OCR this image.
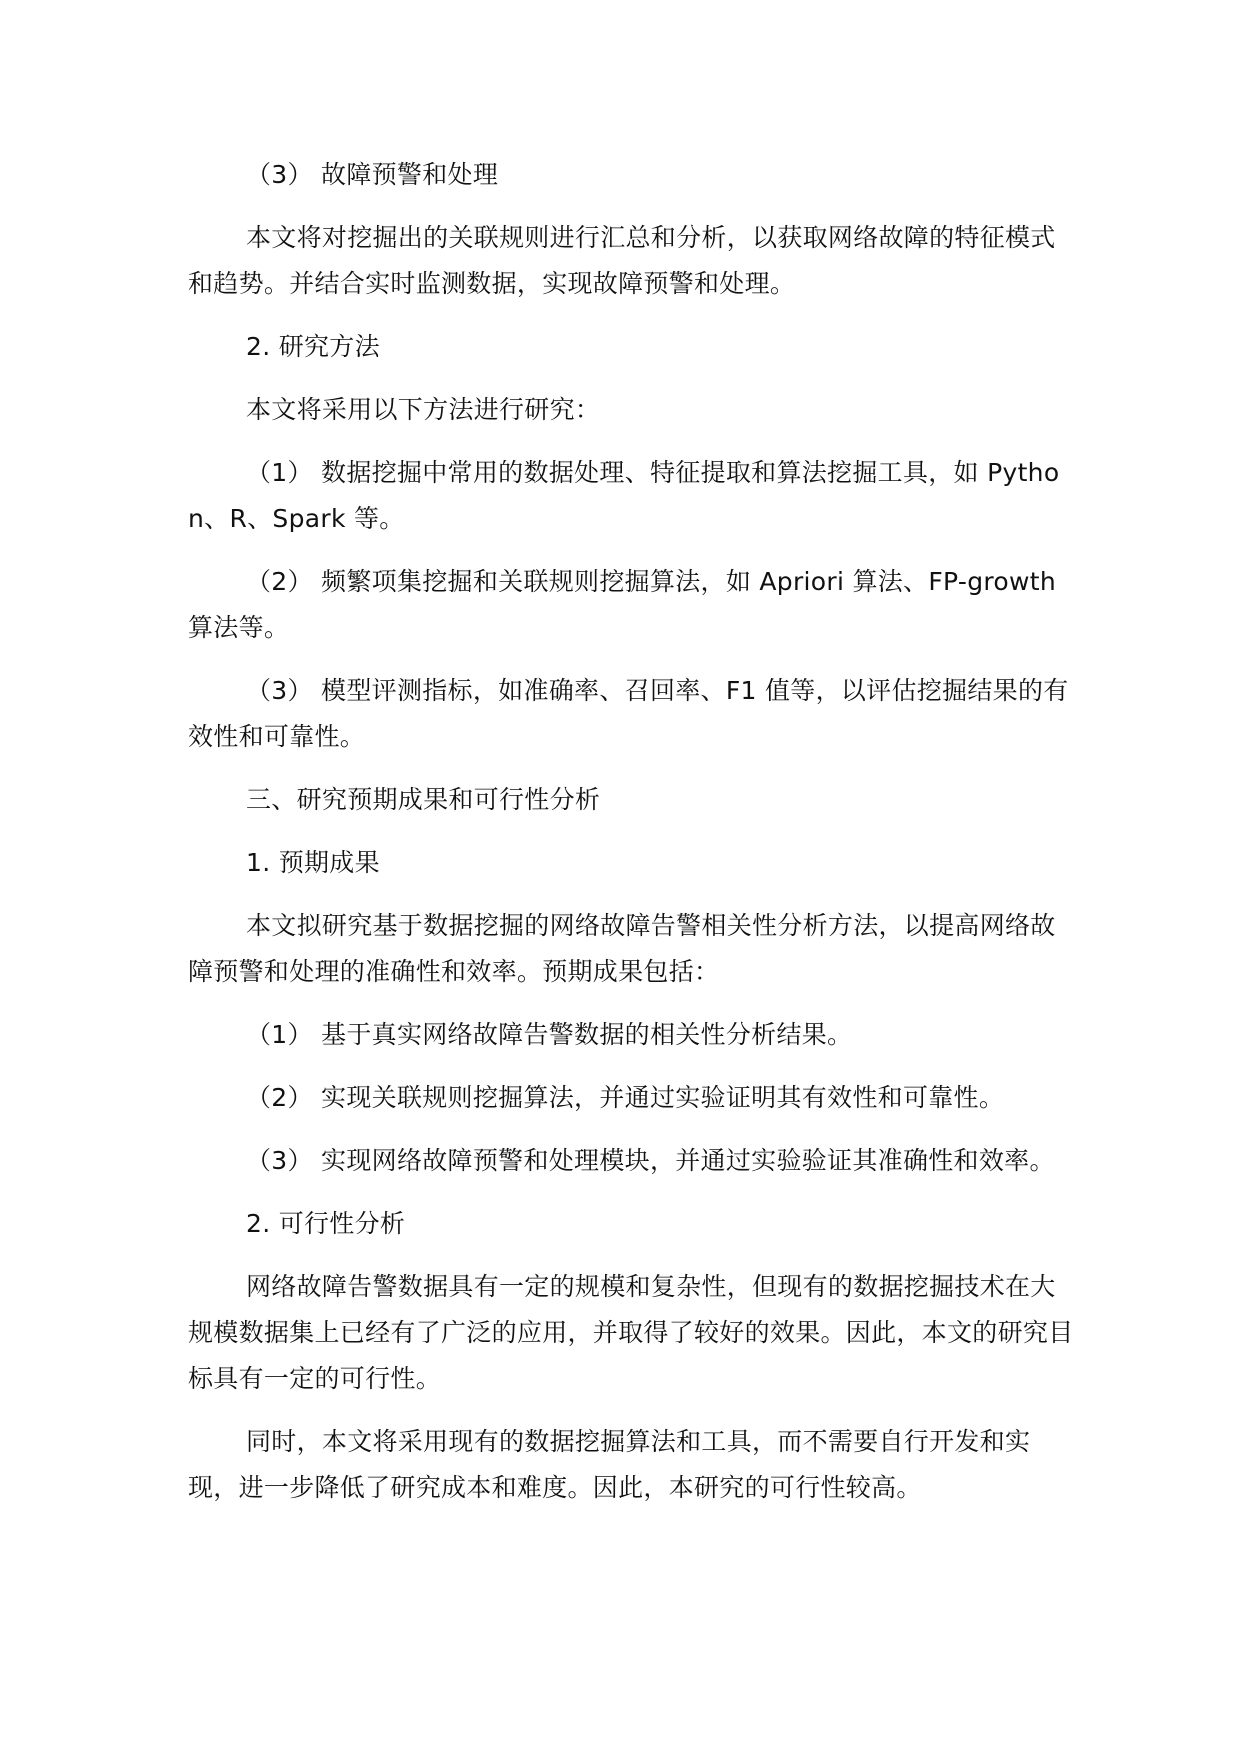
（3） 故障预警和处理

本文将对挖掘出的关联规则进行汇总和分析，以获取网络故障的特征模式和趋势。并结合实时监测数据，实现故障预警和处理。

2. 研究方法

本文将采用以下方法进行研究：

（1） 数据挖掘中常用的数据处理、特征提取和算法挖掘工具，如 Python、R、Spark 等。

（2） 频繁项集挖掘和关联规则挖掘算法，如 Apriori 算法、FP-growth 算法等。

（3） 模型评测指标，如准确率、召回率、F1 值等，以评估挖掘结果的有效性和可靠性。

三、研究预期成果和可行性分析

1. 预期成果

本文拟研究基于数据挖掘的网络故障告警相关性分析方法，以提高网络故障预警和处理的准确性和效率。预期成果包括：

（1） 基于真实网络故障告警数据的相关性分析结果。

（2） 实现关联规则挖掘算法，并通过实验证明其有效性和可靠性。

（3） 实现网络故障预警和处理模块，并通过实验验证其准确性和效率。

2. 可行性分析

网络故障告警数据具有一定的规模和复杂性，但现有的数据挖掘技术在大规模数据集上已经有了广泛的应用，并取得了较好的效果。因此，本文的研究目标具有一定的可行性。

同时，本文将采用现有的数据挖掘算法和工具，而不需要自行开发和实现，进一步降低了研究成本和难度。因此，本研究的可行性较高。
